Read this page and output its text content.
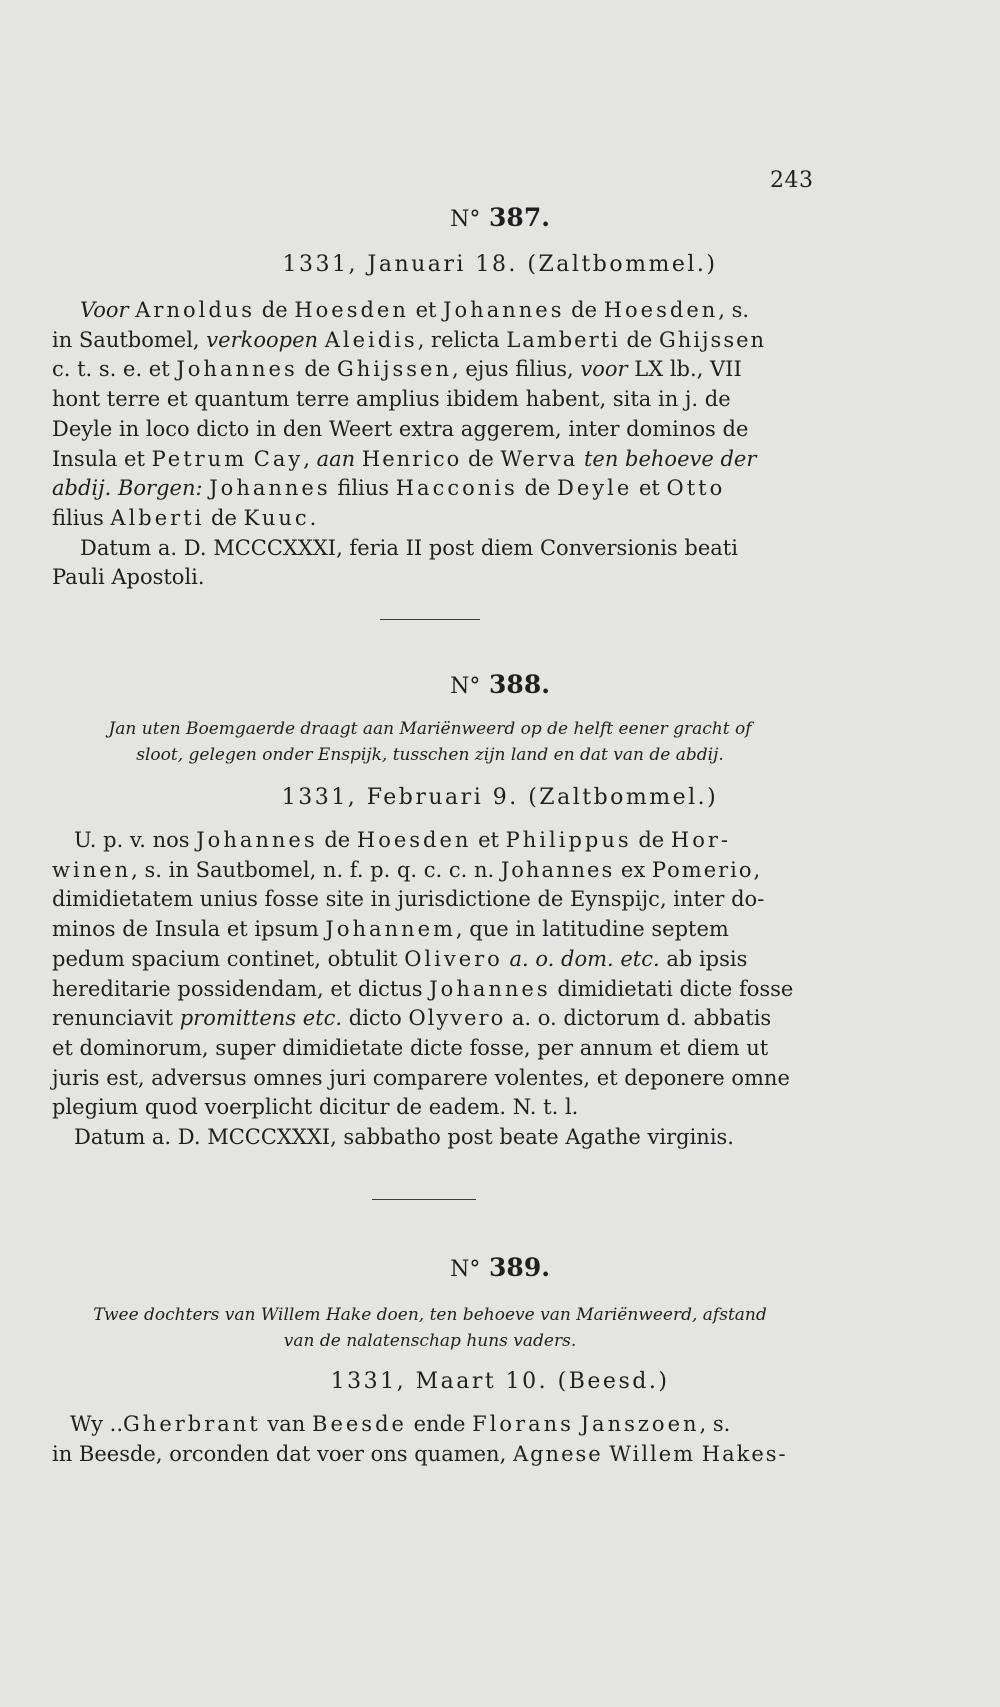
243
N° 387.
1331, Januari 18. (Zaltbommel.)
Voor Arnoldus de Hoesden et Johannes de Hoesden, s.
in Sautbomel, verkoopen Aleidis, relicta Lamberti de Ghijssen
c. t. s. e. et Johannes de Ghijssen, ejus filius, voor LX lb., VII
hont terre et quantum terre amplius ibidem habent, sita in j. de
Deyle in loco dicto in den Weert extra aggerem, inter dominos de
Insula et Petrum Cay, aan Henrico de Werva ten behoeve der
abdij. Borgen: Johannes filius Hacconis de Deyle et Otto
filius Alberti de Kuuc.
Datum a. D. MCCCXXXI, feria II post diem Conversionis beati
Pauli Apostoli.
N° 388.
Jan uten Boemgaerde draagt aan Mariënweerd op de helft eener gracht of
sloot, gelegen onder Enspijk, tusschen zijn land en dat van de abdij.
1331, Februari 9. (Zaltbommel.)
U. p. v. nos Johannes de Hoesden et Philippus de Hor-
winen, s. in Sautbomel, n. f. p. q. c. c. n. Johannes ex Pomerio,
dimidietatem unius fosse site in jurisdictione de Eynspijc, inter do-
minos de Insula et ipsum Johannem, que in latitudine septem
pedum spacium continet, obtulit Olivero a. o. dom. etc. ab ipsis
hereditarie possidendam, et dictus Johannes dimidietati dicte fosse
renunciavit promittens etc. dicto Olyvero a. o. dictorum d. abbatis
et dominorum, super dimidietate dicte fosse, per annum et diem ut
juris est, adversus omnes juri comparere volentes, et deponere omne
plegium quod voerplicht dicitur de eadem. N. t. l.
Datum a. D. MCCCXXXI, sabbatho post beate Agathe virginis.
N° 389.
Twee dochters van Willem Hake doen, ten behoeve van Mariënweerd, afstand
van de nalatenschap huns vaders.
1331, Maart 10. (Beesd.)
Wy ..Gherbrant van Beesde ende Florans Janszoen, s.
in Beesde, orconden dat voer ons quamen, Agnese Willem Hakes-
